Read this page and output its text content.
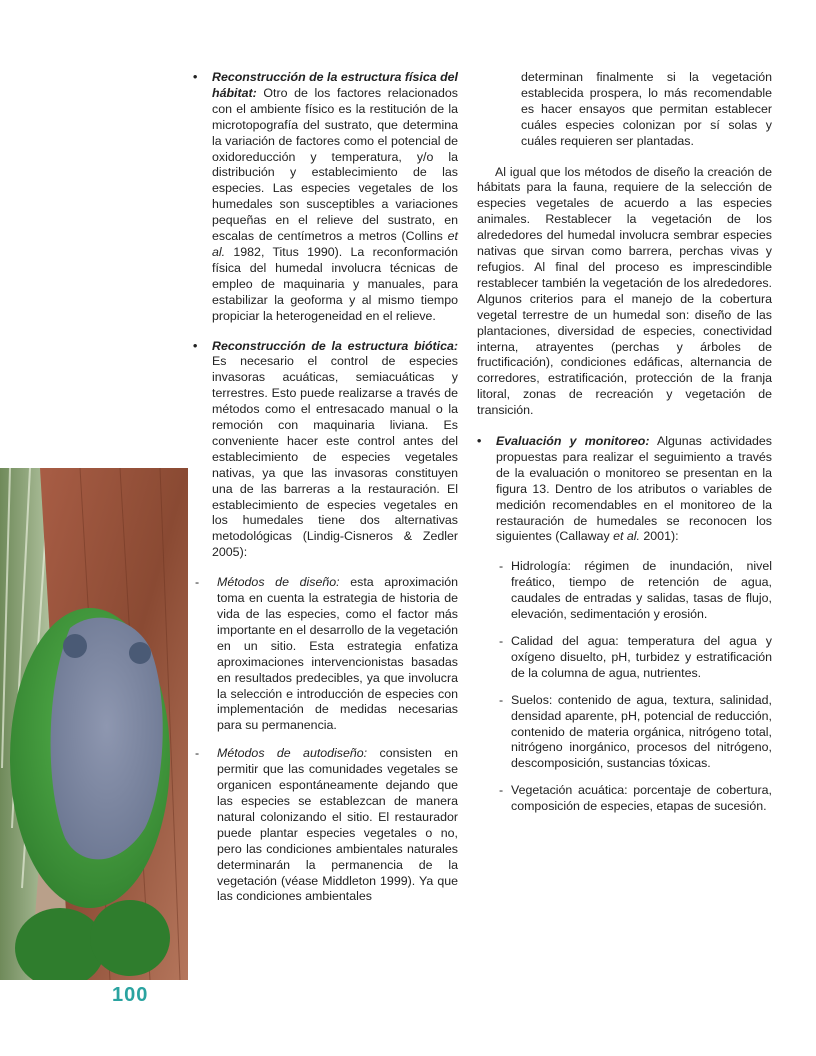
100
• Reconstrucción de la estructura física del hábitat: Otro de los factores relacionados con el ambiente físico es la restitución de la microtopografía del sustrato, que determina la variación de factores como el potencial de oxidoreducción y temperatura, y/o la distribución y establecimiento de las especies. Las especies vegetales de los humedales son susceptibles a variaciones pequeñas en el relieve del sustrato, en escalas de centímetros a metros (Collins et al. 1982, Titus 1990). La reconformación física del humedal involucra técnicas de empleo de maquinaria y manuales, para estabilizar la geoforma y al mismo tiempo propiciar la heterogeneidad en el relieve.

• Reconstrucción de la estructura biótica: Es necesario el control de especies invasoras acuáticas, semiacuáticas y terrestres. Esto puede realizarse a través de métodos como el entresacado manual o la remoción con maquinaria liviana. Es conveniente hacer este control antes del establecimiento de especies vegetales nativas, ya que las invasoras constituyen una de las barreras a la restauración. El establecimiento de especies vegetales en los humedales tiene dos alternativas metodológicas (Lindig-Cisneros & Zedler 2005):

- Métodos de diseño: esta aproximación toma en cuenta la estrategia de historia de vida de las especies, como el factor más importante en el desarrollo de la vegetación en un sitio. Esta estrategia enfatiza aproximaciones intervencionistas basadas en resultados predecibles, ya que involucra la selección e introducción de especies con implementación de medidas necesarias para su permanencia.

- Métodos de autodiseño: consisten en permitir que las comunidades vegetales se organicen espontáneamente dejando que las especies se establezcan de manera natural colonizando el sitio. El restaurador puede plantar especies vegetales o no, pero las condiciones ambientales naturales determinarán la permanencia de la vegetación (véase Middleton 1999). Ya que las condiciones ambientales

determinan finalmente si la vegetación establecida prospera, lo más recomendable es hacer ensayos que permitan establecer cuáles especies colonizan por sí solas y cuáles requieren ser plantadas.

Al igual que los métodos de diseño la creación de hábitats para la fauna, requiere de la selección de especies vegetales de acuerdo a las especies animales. Restablecer la vegetación de los alrededores del humedal involucra sembrar especies nativas que sirvan como barrera, perchas vivas y refugios. Al final del proceso es imprescindible restablecer también la vegetación de los alrededores. Algunos criterios para el manejo de la cobertura vegetal terrestre de un humedal son: diseño de las plantaciones, diversidad de especies, conectividad interna, atrayentes (perchas y árboles de fructificación), condiciones edáficas, alternancia de corredores, estratificación, protección de la franja litoral, zonas de recreación y vegetación de transición.

• Evaluación y monitoreo: Algunas actividades propuestas para realizar el seguimiento a través de la evaluación o monitoreo se presentan en la figura 13. Dentro de los atributos o variables de medición recomendables en el monitoreo de la restauración de humedales se reconocen los siguientes (Callaway et al. 2001):

- Hidrología: régimen de inundación, nivel freático, tiempo de retención de agua, caudales de entradas y salidas, tasas de flujo, elevación, sedimentación y erosión.

- Calidad del agua: temperatura del agua y oxígeno disuelto, pH, turbidez y estratificación de la columna de agua, nutrientes.

- Suelos: contenido de agua, textura, salinidad, densidad aparente, pH, potencial de reducción, contenido de materia orgánica, nitrógeno total, nitrógeno inorgánico, procesos del nitrógeno, descomposición, sustancias tóxicas.

- Vegetación acuática: porcentaje de cobertura, composición de especies, etapas de sucesión.
